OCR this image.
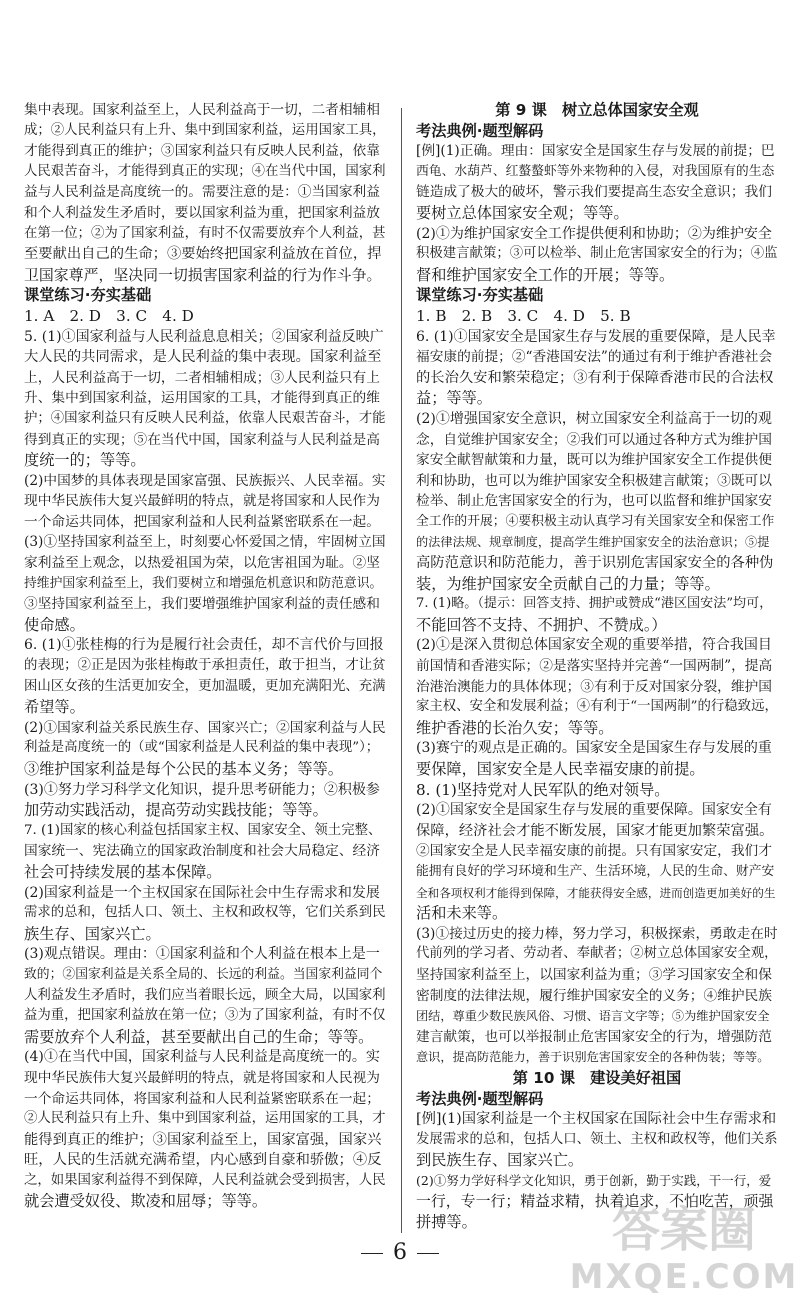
集中表现。国家利益至上，人民利益高于一切，二者相辅相
成；②人民利益只有上升、集中到国家利益，运用国家工具，
才能得到真正的维护；③国家利益只有反映人民利益，依靠
人民艰苦奋斗，才能得到真正的实现；④在当代中国，国家利
益与人民利益是高度统一的。需要注意的是：①当国家利益
和个人利益发生矛盾时，要以国家利益为重，把国家利益放
在第一位；②为了国家利益，有时不仅需要放弃个人利益，甚
至要献出自己的生命；③要始终把国家利益放在首位，捍
卫国家尊严，坚决同一切损害国家利益的行为作斗争。
课堂练习·夯实基础
1. A　2. D　3. C　4. D
5. (1)①国家利益与人民利益息息相关；②国家利益反映广
大人民的共同需求，是人民利益的集中表现。国家利益至
上，人民利益高于一切，二者相辅相成；③人民利益只有上
升、集中到国家利益，运用国家的工具，才能得到真正的维
护；④国家利益只有反映人民利益，依靠人民艰苦奋斗，才能
得到真正的实现；⑤在当代中国，国家利益与人民利益是高
度统一的；等等。
(2)中国梦的具体表现是国家富强、民族振兴、人民幸福。实
现中华民族伟大复兴最鲜明的特点，就是将国家和人民作为
一个命运共同体，把国家利益和人民利益紧密联系在一起。
(3)①坚持国家利益至上，时刻要心怀爱国之情，牢固树立国
家利益至上观念，以热爱祖国为荣，以危害祖国为耻。②坚
持维护国家利益至上，我们要树立和增强危机意识和防范意识。
③坚持国家利益至上，我们要增强维护国家利益的责任感和
使命感。
6. (1)①张桂梅的行为是履行社会责任，却不言代价与回报
的表现；②正是因为张桂梅敢于承担责任，敢于担当，才让贫
困山区女孩的生活更加安全，更加温暖，更加充满阳光、充满
希望等。
(2)①国家利益关系民族生存、国家兴亡；②国家利益与人民
利益是高度统一的（或“国家利益是人民利益的集中表现”）；
③维护国家利益是每个公民的基本义务；等等。
(3)①努力学习科学文化知识，提升思考研能力；②积极参
加劳动实践活动，提高劳动实践技能；等等。
7. (1)国家的核心利益包括国家主权、国家安全、领土完整、
国家统一、宪法确立的国家政治制度和社会大局稳定、经济
社会可持续发展的基本保障。
(2)国家利益是一个主权国家在国际社会中生存需求和发展
需求的总和，包括人口、领土、主权和政权等，它们关系到民
族生存、国家兴亡。
(3)观点错误。理由：①国家利益和个人利益在根本上是一
致的；②国家利益是关系全局的、长远的利益。当国家利益同个
人利益发生矛盾时，我们应当着眼长远，顾全大局，以国家利
益为重，把国家利益放在第一位；③为了国家利益，有时不仅
需要放弃个人利益，甚至要献出自己的生命；等等。
(4)①在当代中国，国家利益与人民利益是高度统一的。实
现中华民族伟大复兴最鲜明的特点，就是将国家和人民视为
一个命运共同体，将国家利益和人民利益紧密联系在一起；
②人民利益只有上升、集中到国家利益，运用国家的工具，才
能得到真正的维护；③国家利益至上，国家富强，国家兴
旺，人民的生活就充满希望，内心感到自豪和骄傲；④反
之，如果国家利益得不到保障，人民利益就会受到损害，人民
就会遭受奴役、欺凌和屈辱；等等。
第 9 课　树立总体国家安全观
考法典例·题型解码
[例](1)正确。理由：国家安全是国家生存与发展的前提；巴
西龟、水葫芦、红螯螯虾等外来物种的入侵，对我国原有的生态
链造成了极大的破坏，警示我们要提高生态安全意识；我们
要树立总体国家安全观；等等。
(2)①为维护国家安全工作提供便利和协助；②为维护安全
积极建言献策；③可以检举、制止危害国家安全的行为；④监
督和维护国家安全工作的开展；等等。
课堂练习·夯实基础
1. B　2. B　3. C　4. D　5. B
6. (1)①国家安全是国家生存与发展的重要保障，是人民幸
福安康的前提；②“香港国安法”的通过有利于维护香港社会
的长治久安和繁荣稳定；③有利于保障香港市民的合法权
益；等等。
(2)①增强国家安全意识，树立国家安全利益高于一切的观
念，自觉维护国家安全；②我们可以通过各种方式为维护国
家安全献智献策和力量，既可以为维护国家安全工作提供便
利和协助，也可以为维护国家安全积极建言献策；③既可以
检举、制止危害国家安全的行为，也可以监督和维护国家安
全工作的开展；④要积极主动认真学习有关国家安全和保密工作
的法律法规、规章制度，提高学生维护国家安全的法治意识；⑤提
高防范意识和防范能力，善于识别危害国家安全的各种伪
装，为维护国家安全贡献自己的力量；等等。
7. (1)略。（提示：回答支持、拥护或赞成“港区国安法”均可，
不能回答不支持、不拥护、不赞成。）
(2)①是深入贯彻总体国家安全观的重要举措，符合我国目
前国情和香港实际；②是落实坚持并完善“一国两制”，提高
治港治澳能力的具体体现；③有利于反对国家分裂，维护国
家主权、安全和发展利益；④有利于“一国两制”的行稳致远，
维护香港的长治久安；等等。
(3)赛宁的观点是正确的。国家安全是国家生存与发展的重
要保障，国家安全是人民幸福安康的前提。
8. (1)坚持党对人民军队的绝对领导。
(2)①国家安全是国家生存与发展的重要保障。国家安全有
保障，经济社会才能不断发展，国家才能更加繁荣富强。
②国家安全是人民幸福安康的前提。只有国家安定，我们才
能拥有良好的学习环境和生产、生活环境，人民的生命、财产安
全和各项权利才能得到保障，才能获得安全感，进而创造更加美好的生
活和未来等。
(3)①接过历史的接力棒，努力学习，积极探索，勇敢走在时
代前列的学习者、劳动者、奉献者；②树立总体国家安全观，
坚持国家利益至上，以国家利益为重；③学习国家安全和保
密制度的法律法规，履行维护国家安全的义务；④维护民族
团结，尊重少数民族风俗、习惯、语言文字等；⑤为维护国家安全
建言献策，也可以举报制止危害国家安全的行为，增强防范
意识，提高防范能力，善于识别危害国家安全的各种伪装；等等。
第 10 课　建设美好祖国
考法典例·题型解码
[例](1)国家利益是一个主权国家在国际社会中生存需求和
发展需求的总和，包括人口、领土、主权和政权等，他们关系
到民族生存、国家兴亡。
(2)①努力学好科学文化知识，勇于创新，勤于实践，干一行，爱
一行，专一行；精益求精，执着追求，不怕吃苦，顽强
拼搏等。
6	答案圈
MXQE.COM
